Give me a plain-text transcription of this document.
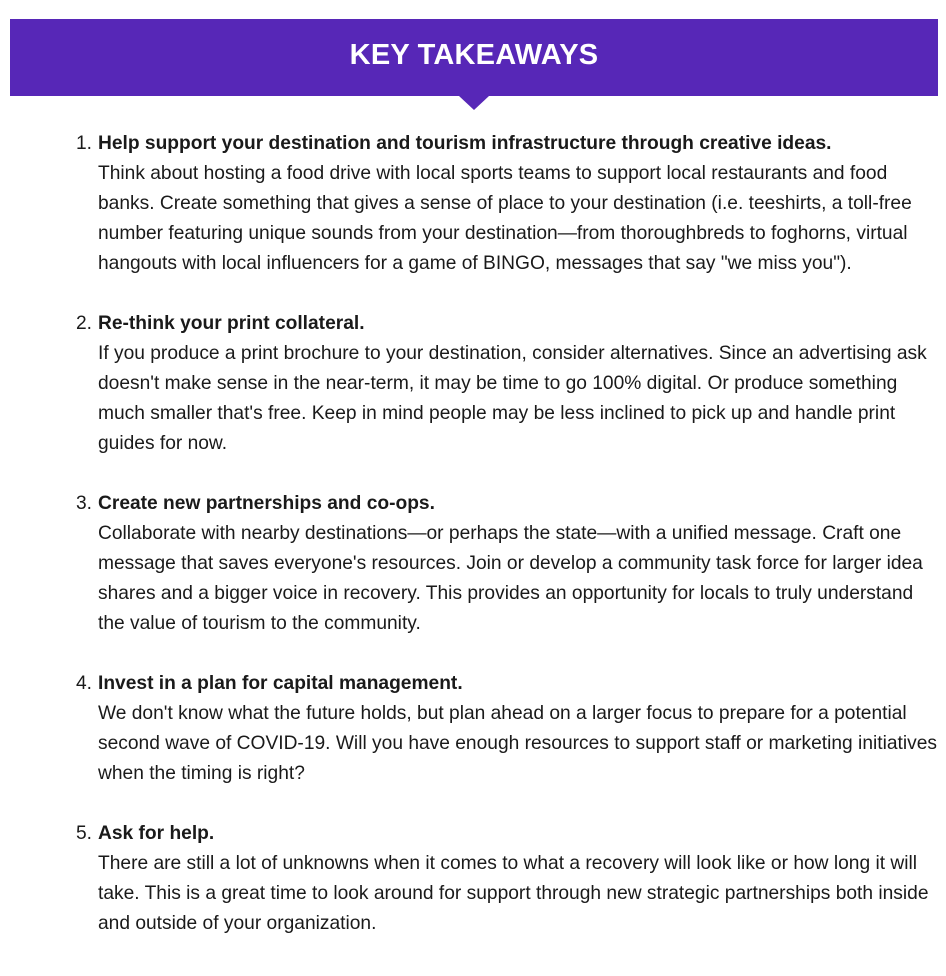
KEY TAKEAWAYS
1. Help support your destination and tourism infrastructure through creative ideas.
Think about hosting a food drive with local sports teams to support local restaurants and food banks. Create something that gives a sense of place to your destination (i.e. teeshirts, a toll-free number featuring unique sounds from your destination—from thoroughbreds to foghorns, virtual hangouts with local influencers for a game of BINGO, messages that say "we miss you").
2. Re-think your print collateral.
If you produce a print brochure to your destination, consider alternatives. Since an advertising ask doesn't make sense in the near-term, it may be time to go 100% digital. Or produce something much smaller that's free. Keep in mind people may be less inclined to pick up and handle print guides for now.
3. Create new partnerships and co-ops.
Collaborate with nearby destinations—or perhaps the state—with a unified message. Craft one message that saves everyone's resources. Join or develop a community task force for larger idea shares and a bigger voice in recovery. This provides an opportunity for locals to truly understand the value of tourism to the community.
4. Invest in a plan for capital management.
We don't know what the future holds, but plan ahead on a larger focus to prepare for a potential second wave of COVID-19. Will you have enough resources to support staff or marketing initiatives when the timing is right?
5. Ask for help.
There are still a lot of unknowns when it comes to what a recovery will look like or how long it will take. This is a great time to look around for support through new strategic partnerships both inside and outside of your organization.
